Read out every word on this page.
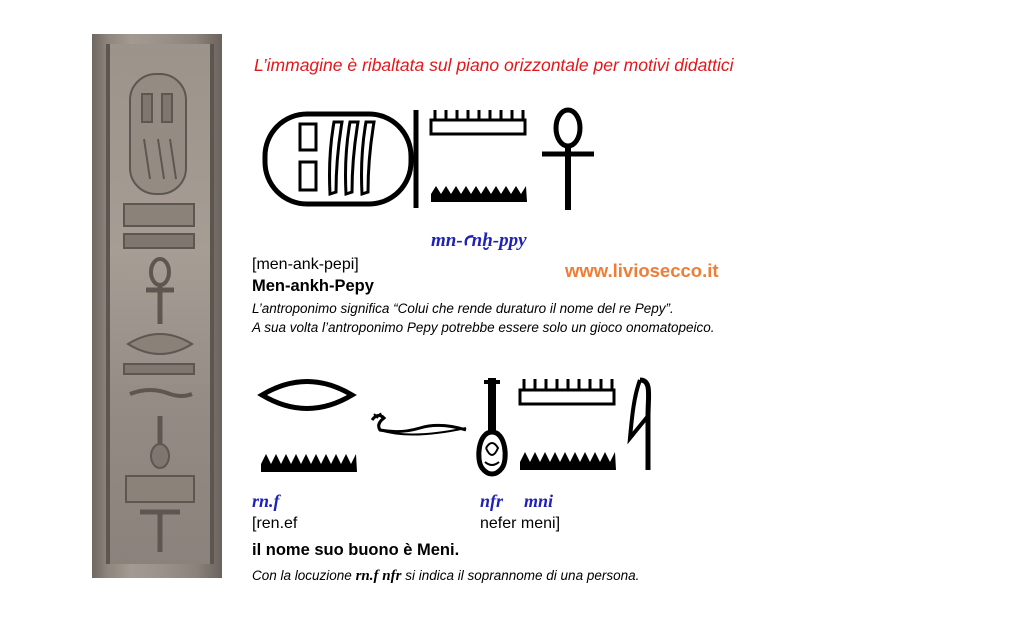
L’immagine è ribaltata sul piano orizzontale per motivi didattici
mn-ꜥnḫ-ppy
[men-ank-pepi]	www.liviosecco.it
Men-ankh-Pepy
L’antroponimo significa “Colui che rende duraturo il nome del re Pepy”.
A sua volta l’antroponimo Pepy potrebbe essere solo un gioco onomatopeico.
rn.f	nfr mni
[ren.ef	nefer meni]
il nome suo buono è Meni.
Con la locuzione rn.f nfr si indica il soprannome di una persona.
